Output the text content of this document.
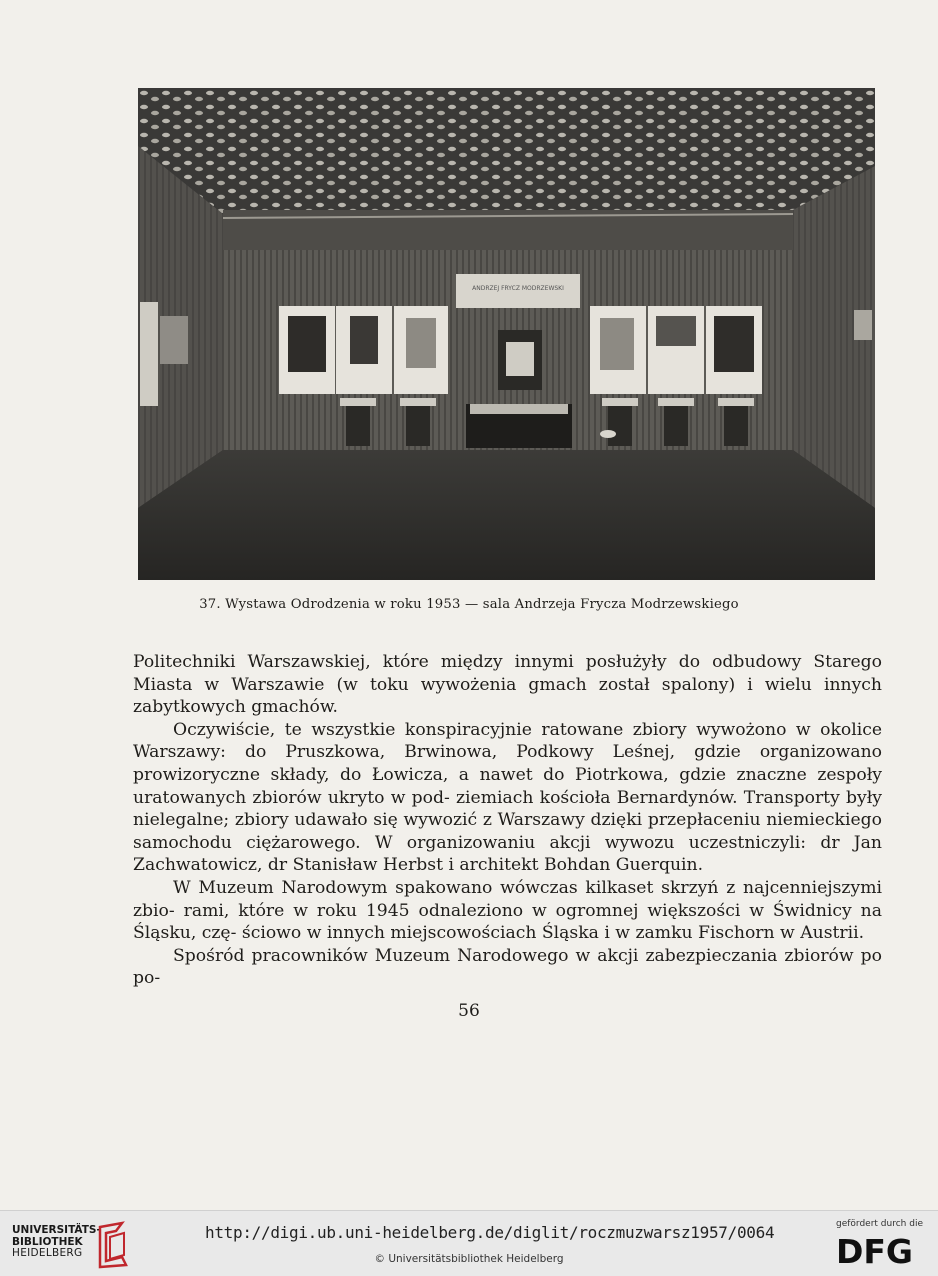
ANDRZEJ FRYCZ MODRZEWSKI
37. Wystawa Odrodzenia w roku 1953 — sala Andrzeja Frycza Modrzewskiego

Politechniki Warszawskiej, które między innymi posłużyły do odbudowy Starego Miasta w Warszawie (w toku wywożenia gmach został spalony) i wielu innych zabytkowych gmachów.

Oczywiście, te wszystkie konspiracyjnie ratowane zbiory wywożono w okolice Warszawy: do Pruszkowa, Brwinowa, Podkowy Leśnej, gdzie organizowano prowizoryczne składy, do Łowicza, a nawet do Piotrkowa, gdzie znaczne zespoły uratowanych zbiorów ukryto w pod- ziemiach kościoła Bernardynów. Transporty były nielegalne; zbiory udawało się wywozić z Warszawy dzięki przepłaceniu niemieckiego samochodu ciężarowego. W organizowaniu akcji wywozu uczestniczyli: dr Jan Zachwatowicz, dr Stanisław Herbst i architekt Bohdan Guerquin.

W Muzeum Narodowym spakowano wówczas kilkaset skrzyń z najcenniejszymi zbio- rami, które w roku 1945 odnaleziono w ogromnej większości w Świdnicy na Śląsku, czę- ściowo w innych miejscowościach Śląska i w zamku Fischorn w Austrii.

Spośród pracowników Muzeum Narodowego w akcji zabezpieczania zbiorów po po-

56
UNIVERSITÄTS-
BIBLIOTHEK
HEIDELBERG
http://digi.ub.uni-heidelberg.de/diglit/roczmuzwarsz1957/0064
© Universitätsbibliothek Heidelberg
gefördert durch die
DFG
